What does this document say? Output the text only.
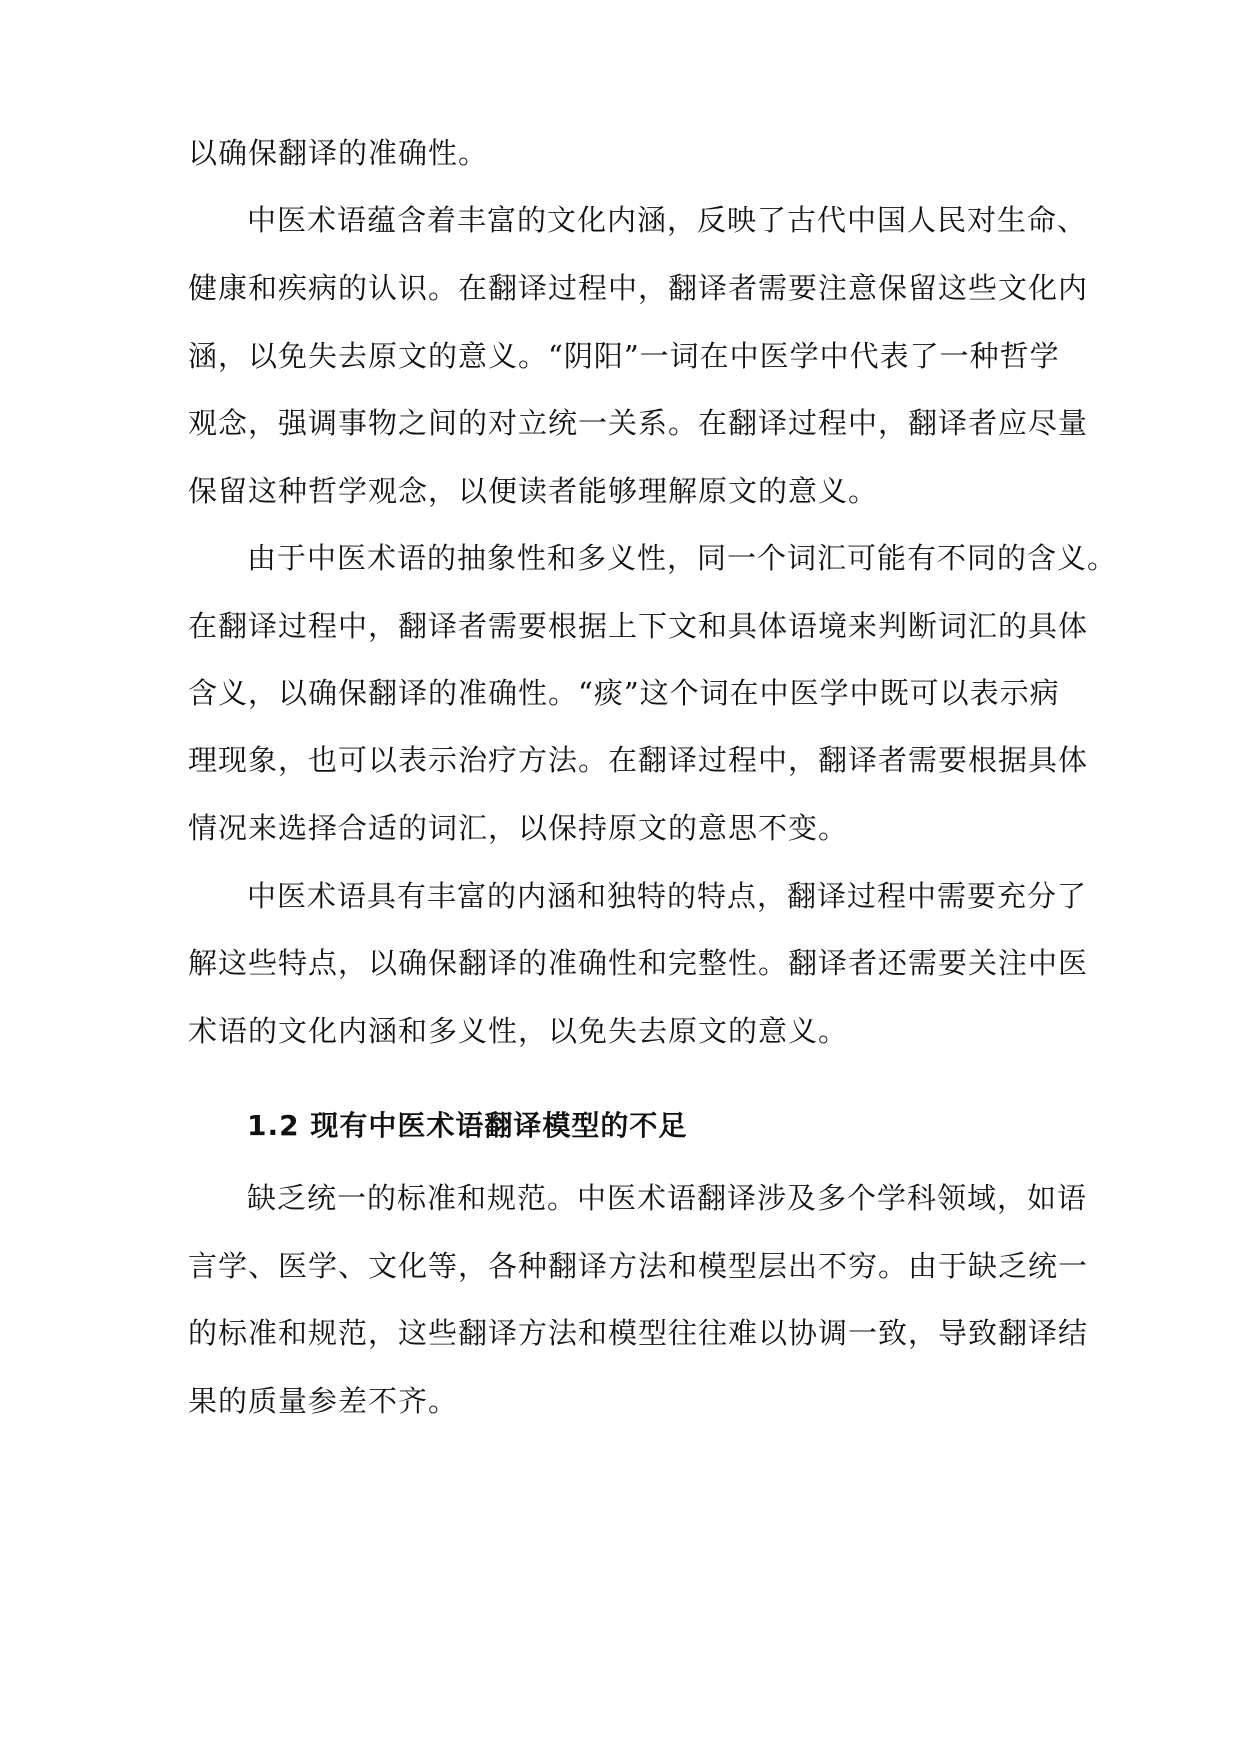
以确保翻译的准确性。
中医术语蕴含着丰富的文化内涵，反映了古代中国人民对生命、
健康和疾病的认识。在翻译过程中，翻译者需要注意保留这些文化内
涵，以免失去原文的意义。“阴阳”一词在中医学中代表了一种哲学
观念，强调事物之间的对立统一关系。在翻译过程中，翻译者应尽量
保留这种哲学观念，以便读者能够理解原文的意义。
由于中医术语的抽象性和多义性，同一个词汇可能有不同的含义。
在翻译过程中，翻译者需要根据上下文和具体语境来判断词汇的具体
含义，以确保翻译的准确性。“痰”这个词在中医学中既可以表示病
理现象，也可以表示治疗方法。在翻译过程中，翻译者需要根据具体
情况来选择合适的词汇，以保持原文的意思不变。
中医术语具有丰富的内涵和独特的特点，翻译过程中需要充分了
解这些特点，以确保翻译的准确性和完整性。翻译者还需要关注中医
术语的文化内涵和多义性，以免失去原文的意义。
1.2 现有中医术语翻译模型的不足
缺乏统一的标准和规范。中医术语翻译涉及多个学科领域，如语
言学、医学、文化等，各种翻译方法和模型层出不穷。由于缺乏统一
的标准和规范，这些翻译方法和模型往往难以协调一致，导致翻译结
果的质量参差不齐。
